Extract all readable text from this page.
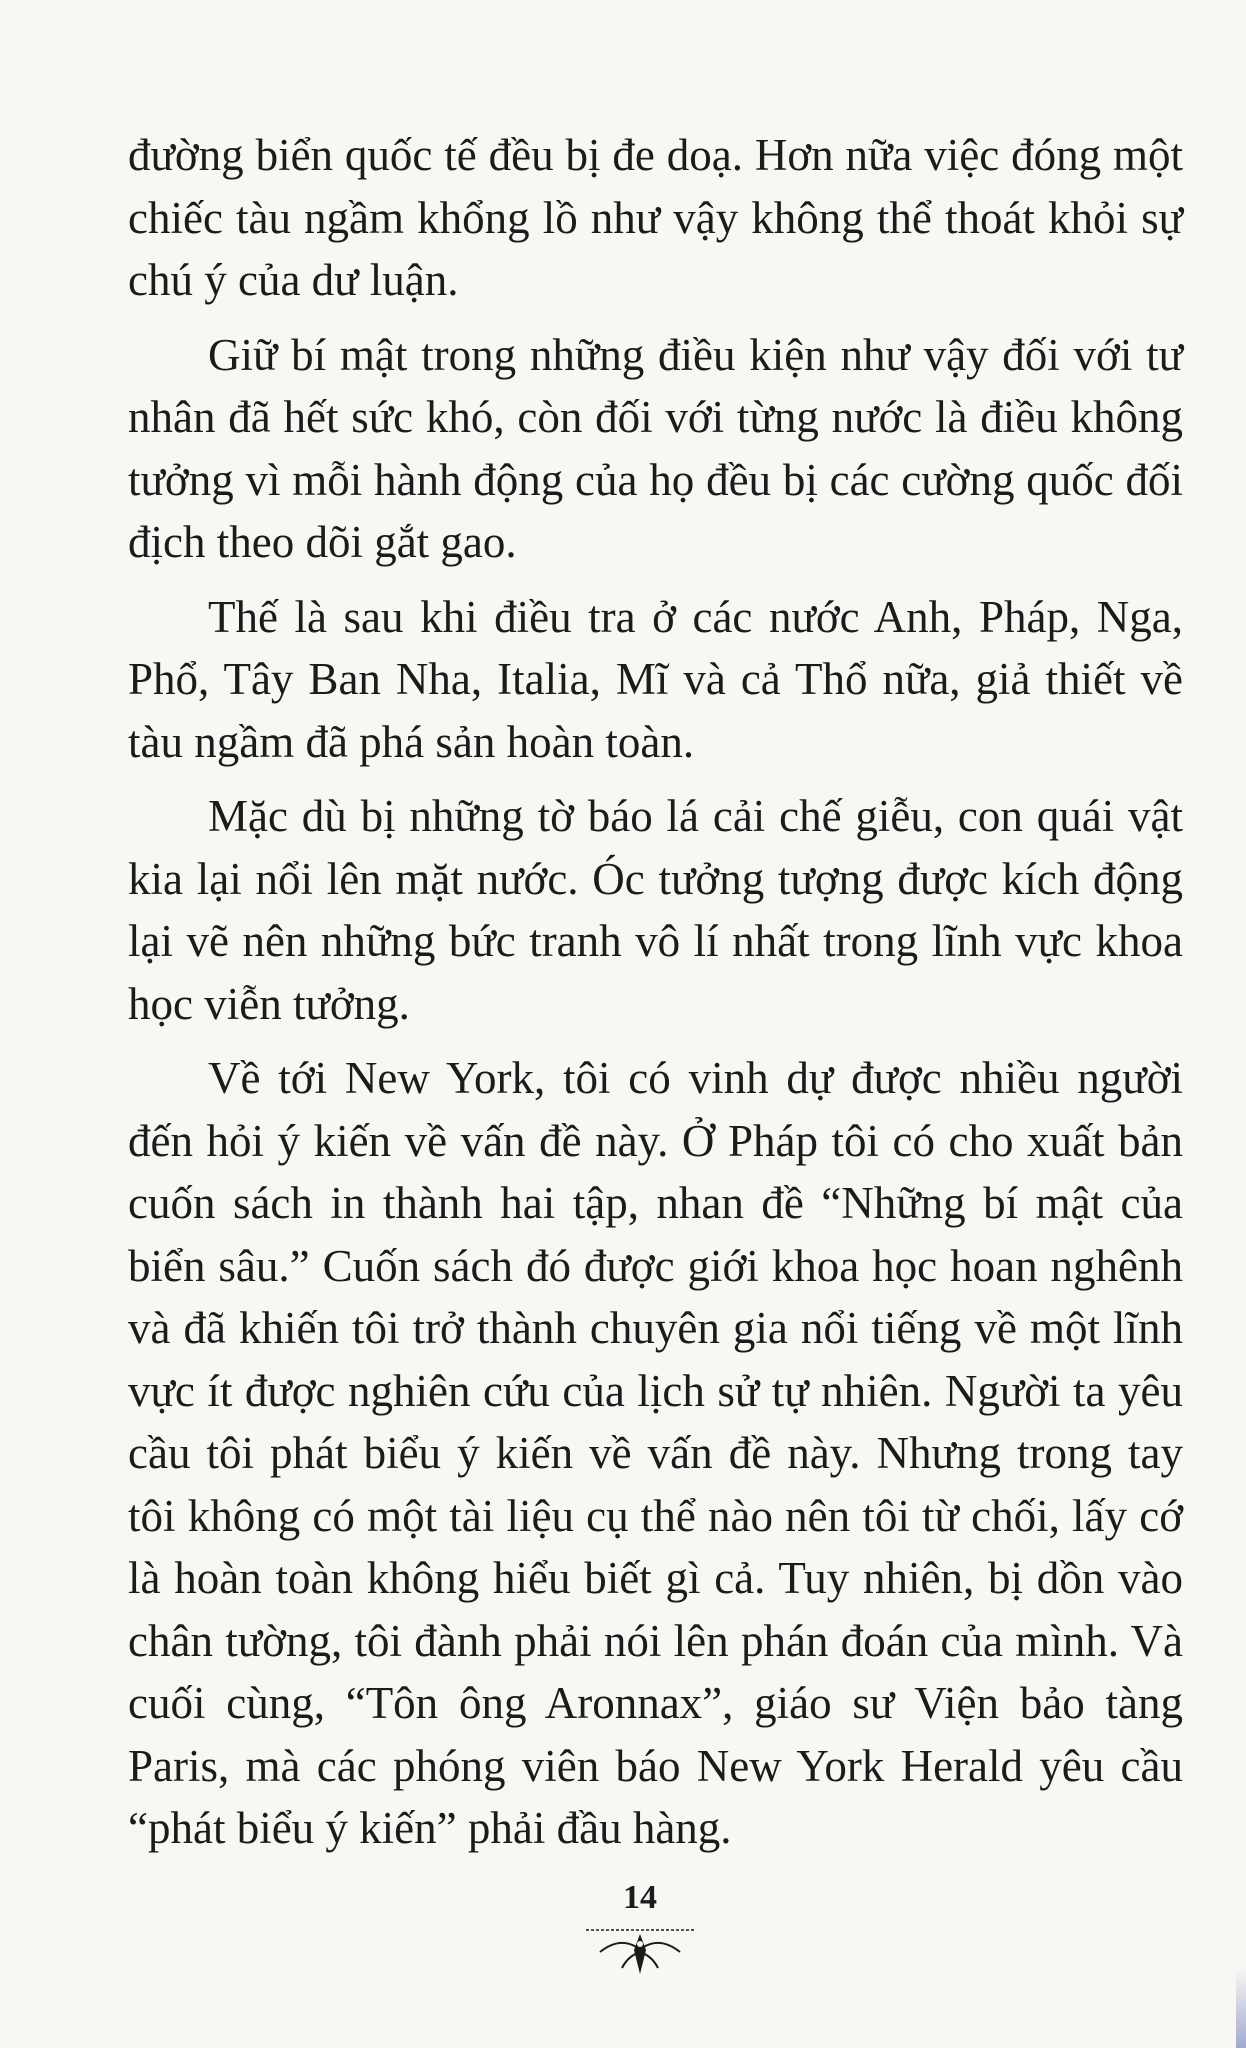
đường biển quốc tế đều bị đe doạ. Hơn nữa việc đóng một chiếc tàu ngầm khổng lồ như vậy không thể thoát khỏi sự chú ý của dư luận.

Giữ bí mật trong những điều kiện như vậy đối với tư nhân đã hết sức khó, còn đối với từng nước là điều không tưởng vì mỗi hành động của họ đều bị các cường quốc đối địch theo dõi gắt gao.

Thế là sau khi điều tra ở các nước Anh, Pháp, Nga, Phổ, Tây Ban Nha, Italia, Mĩ và cả Thổ nữa, giả thiết về tàu ngầm đã phá sản hoàn toàn.

Mặc dù bị những tờ báo lá cải chế giễu, con quái vật kia lại nổi lên mặt nước. Óc tưởng tượng được kích động lại vẽ nên những bức tranh vô lí nhất trong lĩnh vực khoa học viễn tưởng.

Về tới New York, tôi có vinh dự được nhiều người đến hỏi ý kiến về vấn đề này. Ở Pháp tôi có cho xuất bản cuốn sách in thành hai tập, nhan đề “Những bí mật của biển sâu.” Cuốn sách đó được giới khoa học hoan nghênh và đã khiến tôi trở thành chuyên gia nổi tiếng về một lĩnh vực ít được nghiên cứu của lịch sử tự nhiên. Người ta yêu cầu tôi phát biểu ý kiến về vấn đề này. Nhưng trong tay tôi không có một tài liệu cụ thể nào nên tôi từ chối, lấy cớ là hoàn toàn không hiểu biết gì cả. Tuy nhiên, bị dồn vào chân tường, tôi đành phải nói lên phán đoán của mình. Và cuối cùng, “Tôn ông Aronnax”, giáo sư Viện bảo tàng Paris, mà các phóng viên báo New York Herald yêu cầu “phát biểu ý kiến” phải đầu hàng.

14
